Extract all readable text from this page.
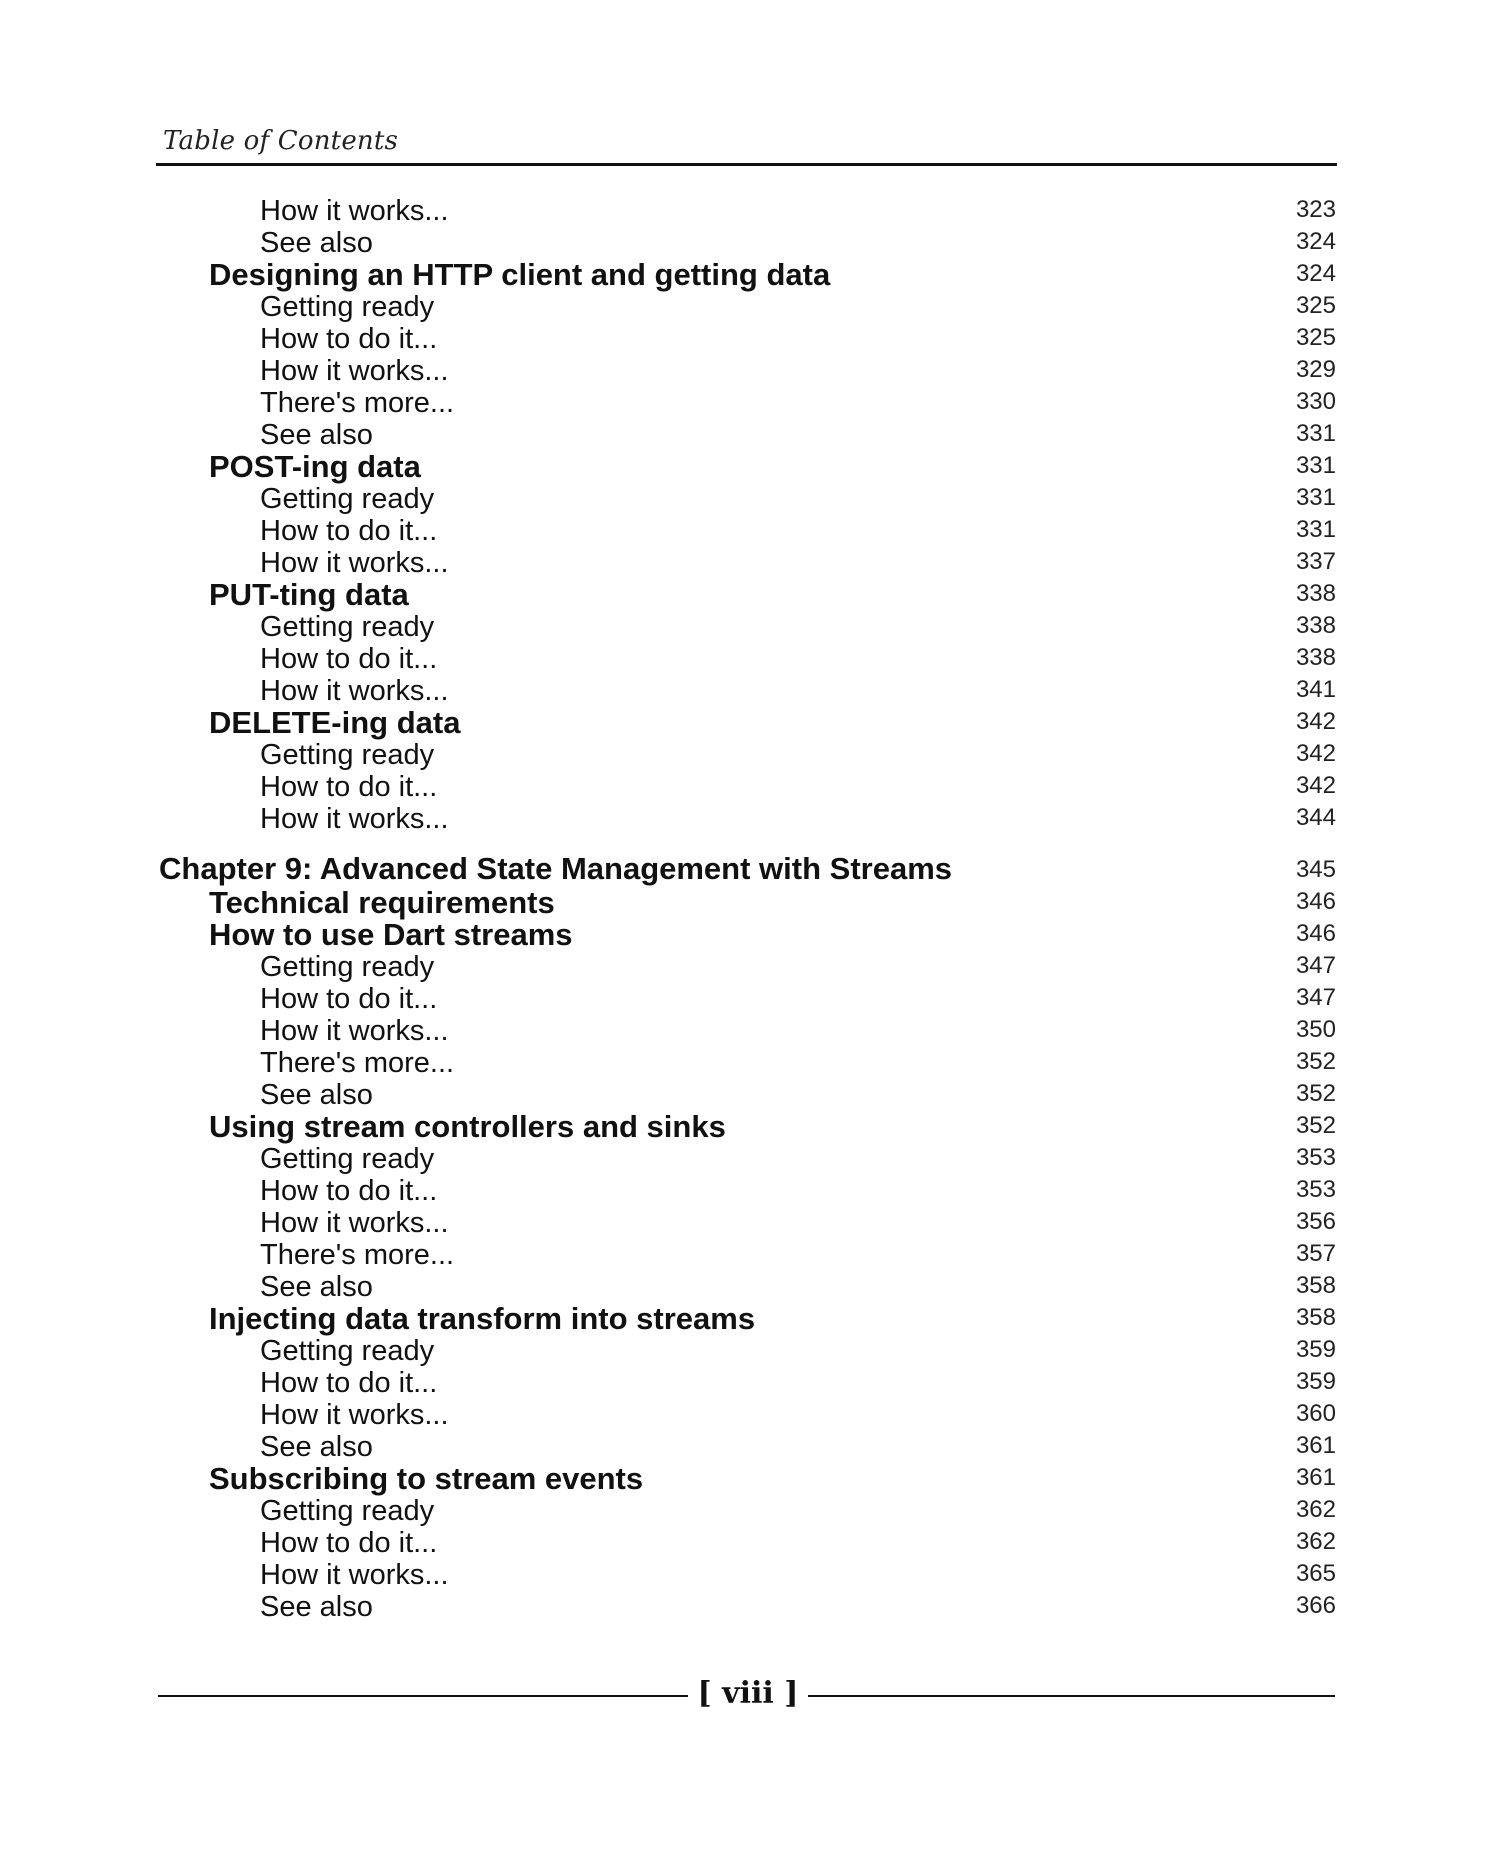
Table of Contents
How it works...	323
See also	324
Designing an HTTP client and getting data	324
Getting ready	325
How to do it...	325
How it works...	329
There's more...	330
See also	331
POST-ing data	331
Getting ready	331
How to do it...	331
How it works...	337
PUT-ting data	338
Getting ready	338
How to do it...	338
How it works...	341
DELETE-ing data	342
Getting ready	342
How to do it...	342
How it works...	344
Chapter 9: Advanced State Management with Streams	345
Technical requirements	346
How to use Dart streams	346
Getting ready	347
How to do it...	347
How it works...	350
There's more...	352
See also	352
Using stream controllers and sinks	352
Getting ready	353
How to do it...	353
How it works...	356
There's more...	357
See also	358
Injecting data transform into streams	358
Getting ready	359
How to do it...	359
How it works...	360
See also	361
Subscribing to stream events	361
Getting ready	362
How to do it...	362
How it works...	365
See also	366
[ viii ]
